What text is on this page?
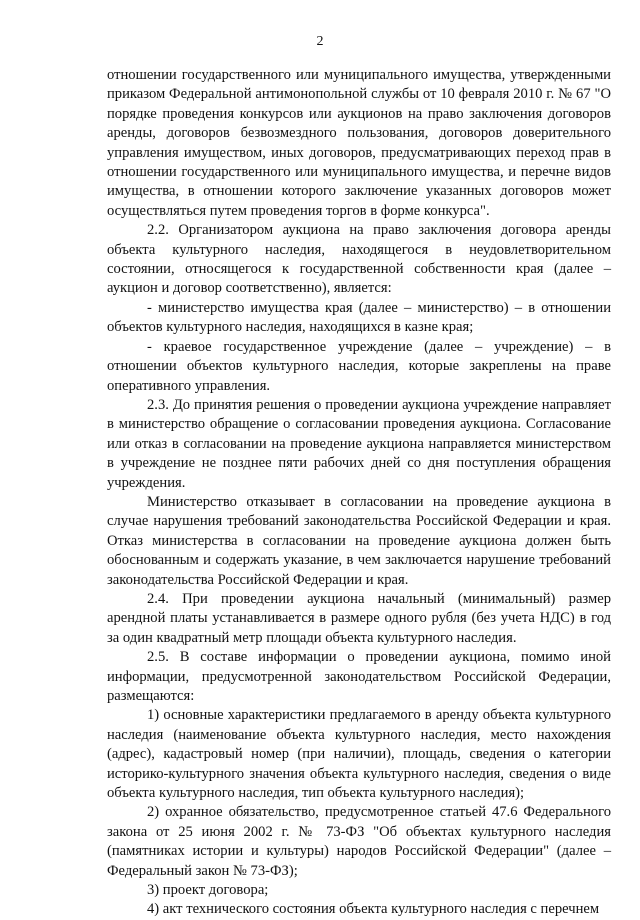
2

отношении государственного или муниципального имущества, утвержденными приказом Федеральной антимонопольной службы от 10 февраля 2010 г. № 67 "О порядке проведения конкурсов или аукционов на право заключения договоров аренды, договоров безвозмездного пользования, договоров доверительного управления имуществом, иных договоров, предусматривающих переход прав в отношении государственного или муниципального имущества, и перечне видов имущества, в отношении которого заключение указанных договоров может осуществляться путем проведения торгов в форме конкурса".

2.2. Организатором аукциона на право заключения договора аренды объекта культурного наследия, находящегося в неудовлетворительном состоянии, относящегося к государственной собственности края (далее – аукцион и договор соответственно), является:

- министерство имущества края (далее – министерство) – в отношении объектов культурного наследия, находящихся в казне края;

- краевое государственное учреждение (далее – учреждение) – в отношении объектов культурного наследия, которые закреплены на праве оперативного управления.

2.3. До принятия решения о проведении аукциона учреждение направляет в министерство обращение о согласовании проведения аукциона. Согласование или отказ в согласовании на проведение аукциона направляется министерством в учреждение не позднее пяти рабочих дней со дня поступления обращения учреждения.

Министерство отказывает в согласовании на проведение аукциона в случае нарушения требований законодательства Российской Федерации и края. Отказ министерства в согласовании на проведение аукциона должен быть обоснованным и содержать указание, в чем заключается нарушение требований законодательства Российской Федерации и края.

2.4. При проведении аукциона начальный (минимальный) размер арендной платы устанавливается в размере одного рубля (без учета НДС) в год за один квадратный метр площади объекта культурного наследия.

2.5. В составе информации о проведении аукциона, помимо иной информации, предусмотренной законодательством Российской Федерации, размещаются:

1) основные характеристики предлагаемого в аренду объекта культурного наследия (наименование объекта культурного наследия, место нахождения (адрес), кадастровый номер (при наличии), площадь, сведения о категории историко-культурного значения объекта культурного наследия, сведения о виде объекта культурного наследия, тип объекта культурного наследия);

2) охранное обязательство, предусмотренное статьей 47.6 Федерального закона от 25 июня 2002 г. № 73-ФЗ "Об объектах культурного наследия (памятниках истории и культуры) народов Российской Федерации" (далее – Федеральный закон № 73-ФЗ);

3) проект договора;

4) акт технического состояния объекта культурного наследия с перечнем
